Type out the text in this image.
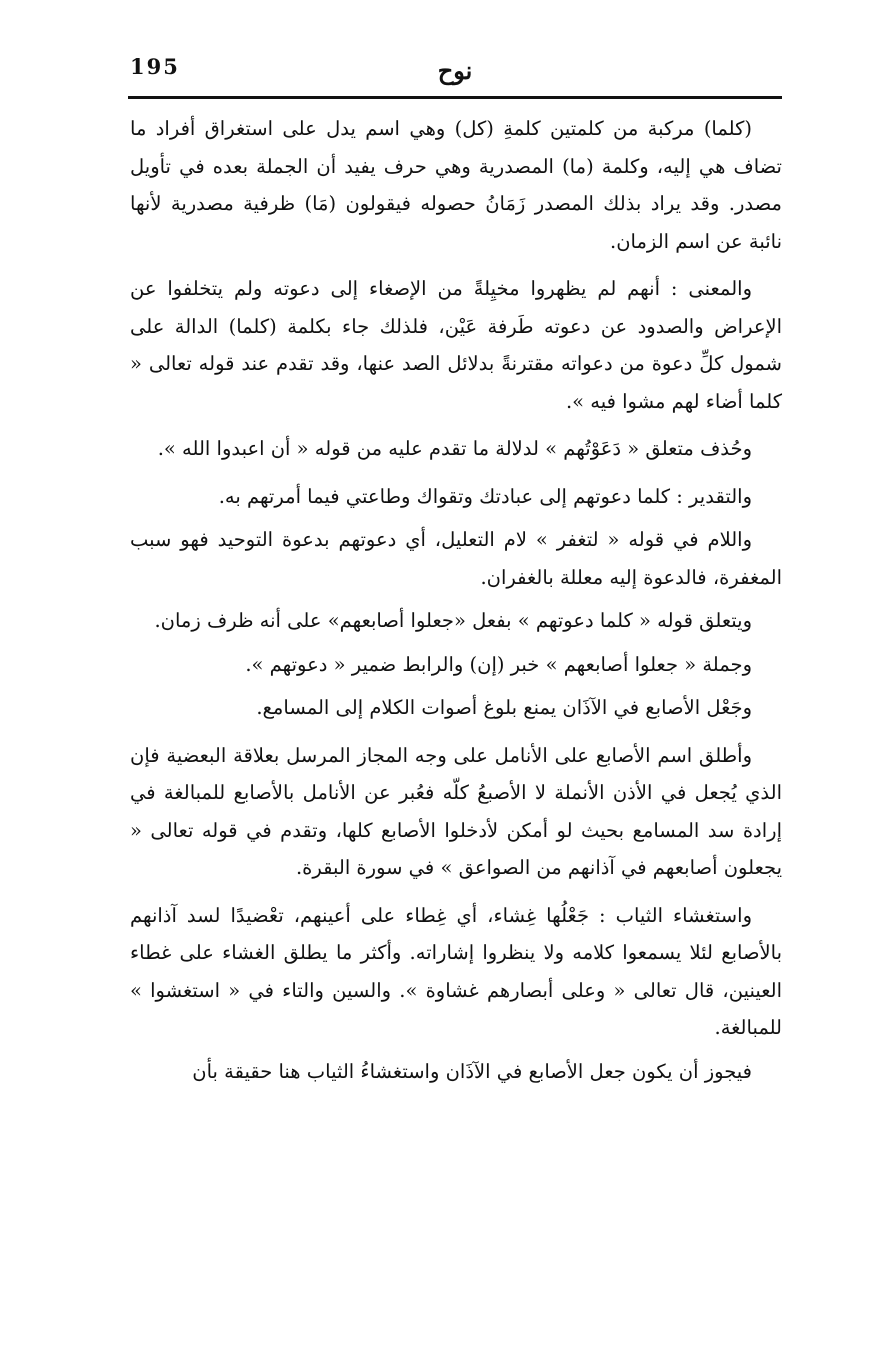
195	نوح

(كلما) مركبة من كلمتين كلمةِ (كل) وهي اسم يدل على استغراق أفراد ما تضاف هي إليه، وكلمة (ما) المصدرية وهي حرف يفيد أن الجملة بعده في تأويل مصدر. وقد يراد بذلك المصدر زَمَانُ حصوله فيقولون (مَا) ظرفية مصدرية لأنها نائبة عن اسم الزمان.

والمعنى : أنهم لم يظهروا مخيِلةً من الإصغاء إلى دعوته ولم يتخلفوا عن الإعراض والصدود عن دعوته طَرفة عَيْن، فلذلك جاء بكلمة (كلما) الدالة على شمول كلِّ دعوة من دعواته مقترنةً بدلائل الصد عنها، وقد تقدم عند قوله تعالى « كلما أضاء لهم مشوا فيه ».

وحُذف متعلق « دَعَوْتُهم » لدلالة ما تقدم عليه من قوله « أن اعبدوا الله ».

والتقدير : كلما دعوتهم إلى عبادتك وتقواك وطاعتي فيما أمرتهم به.

واللام في قوله « لتغفر » لام التعليل، أي دعوتهم بدعوة التوحيد فهو سبب المغفرة، فالدعوة إليه معللة بالغفران.

ويتعلق قوله « كلما دعوتهم » بفعل «جعلوا أصابعهم» على أنه ظرف زمان.

وجملة « جعلوا أصابعهم » خبر (إن) والرابط ضمير « دعوتهم ».

وجَعْل الأصابع في الآذَان يمنع بلوغ أصوات الكلام إلى المسامع.

وأطلق اسم الأصابع على الأنامل على وجه المجاز المرسل بعلاقة البعضية فإن الذي يُجعل في الأذن الأنملة لا الأصبعُ كلّه فعُبر عن الأنامل بالأصابع للمبالغة في إرادة سد المسامع بحيث لو أمكن لأدخلوا الأصابع كلها، وتقدم في قوله تعالى « يجعلون أصابعهم في آذانهم من الصواعق » في سورة البقرة.

واستغشاء الثياب : جَعْلُها غِشاء، أي غِطاء على أعينهم، تعْضيدًا لسد آذانهم بالأصابع لئلا يسمعوا كلامه ولا ينظروا إشاراته. وأكثر ما يطلق الغشاء على غطاء العينين، قال تعالى « وعلى أبصارهم غشاوة ». والسين والتاء في « استغشوا » للمبالغة.

فيجوز أن يكون جعل الأصابع في الآذَان واستغشاءُ الثياب هنا حقيقة بأن
